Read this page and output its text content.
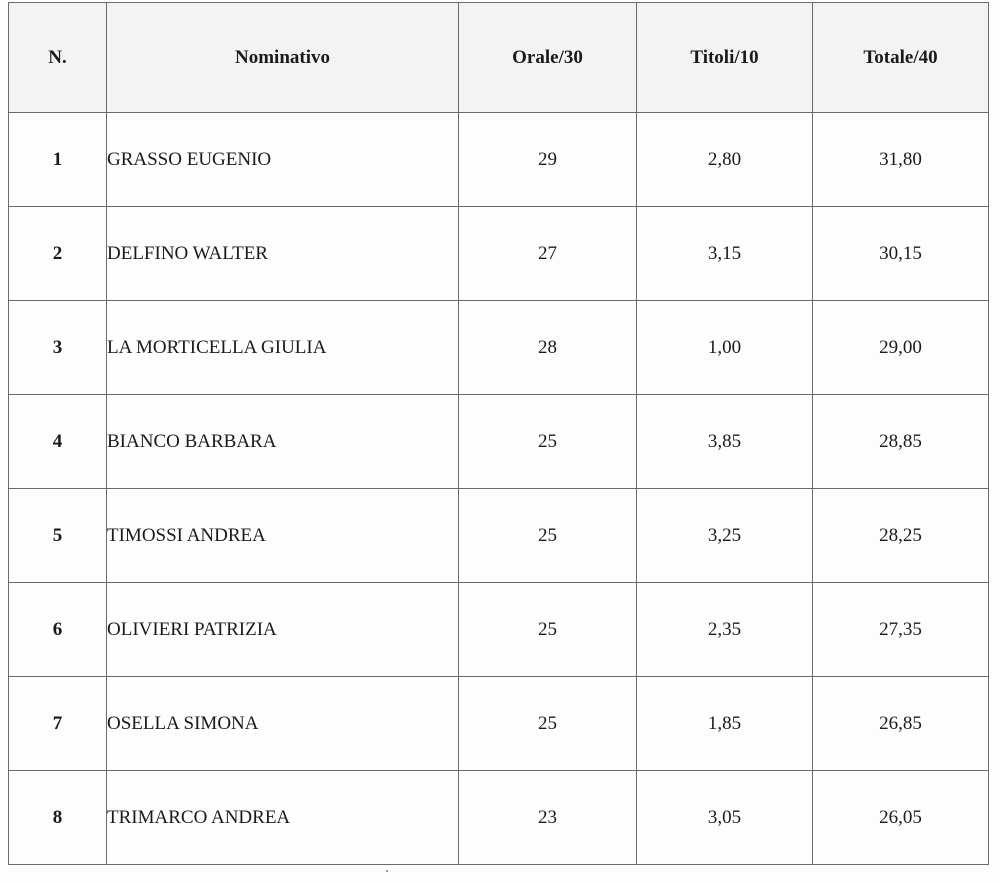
N.	Nominativo	Orale/30	Titoli/10	Totale/40
1	GRASSO EUGENIO	29	2,80	31,80
2	DELFINO WALTER	27	3,15	30,15
3	LA MORTICELLA GIULIA	28	1,00	29,00
4	BIANCO BARBARA	25	3,85	28,85
5	TIMOSSI ANDREA	25	3,25	28,25
6	OLIVIERI PATRIZIA	25	2,35	27,35
7	OSELLA SIMONA	25	1,85	26,85
8	TRIMARCO ANDREA	23	3,05	26,05
